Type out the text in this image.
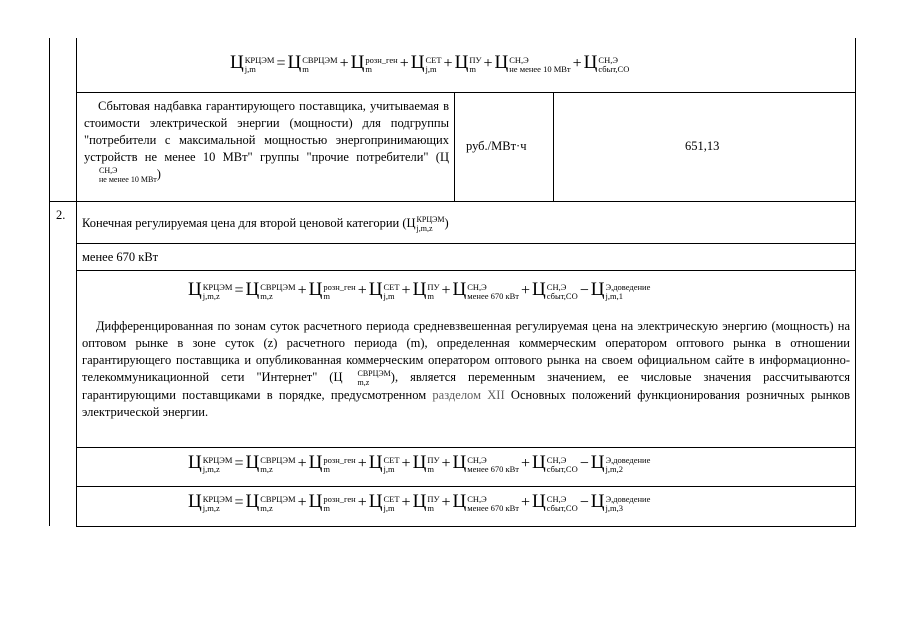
Ц КРЦЭМ
j,m	= Ц СВРЦЭМ
m	+ Ц розн_ген
m	+ Ц СЕТ
j,m + Ц ПУ
m + Ц СН,Э
не менее 10 МВт + Ц СН,Э
сбыт,СО
Сбытовая надбавка гарантирующего поставщика, учитываемая в стоимости электрической энергии (мощности) для подгруппы "потребители с максимальной мощностью энергопринимающих устройств не менее 10 МВт" группы "прочие потребители" (Ц
СН,Э
не менее 10 МВт )
руб./МВт·ч	651,13
2.
Конечная регулируемая цена для второй ценовой категории (Ц КРЦЭМ
j,m,z )
менее 670 кВт
Ц КРЦЭМ
j,m,z = Ц СВРЦЭМ
m,z	+ Ц розн_ген
m	+ Ц СЕТ
j,m + Ц ПУ
m + Ц СН,Э
менее 670 кВт + Ц СН,Э
сбыт,СО − Ц Э,доведение
j,m,1
Дифференцированная по зонам суток расчетного периода средневзвешенная регулируемая цена на электрическую энергию (мощность) на оптовом рынке в зоне суток (z) расчетного периода (m), определенная коммерческим оператором оптового рынка в отношении гарантирующего поставщика и опубликованная коммерческим оператором оптового рынка на своем официальном сайте в информационно-телекоммуникационной сети "Интернет" (Ц	СВРЦЭМ
m,z	), является переменным значением, ее числовые значения рассчитываются гарантирующими поставщиками в порядке, предусмотренном разделом XII Основных положений функционирования розничных рынков электрической энергии.
Ц КРЦЭМ
j,m,z = Ц СВРЦЭМ
m,z	+ Ц розн_ген
m	+ Ц СЕТ
j,m + Ц ПУ
m + Ц СН,Э
менее 670 кВт + Ц СН,Э
сбыт,СО − Ц Э,доведение
j,m,2
Ц КРЦЭМ
j,m,z = Ц СВРЦЭМ
m,z	+ Ц розн_ген
m	+ Ц СЕТ
j,m + Ц ПУ
m + Ц СН,Э
менее 670 кВт + Ц СН,Э
сбыт,СО − Ц Э,доведение
j,m,3
